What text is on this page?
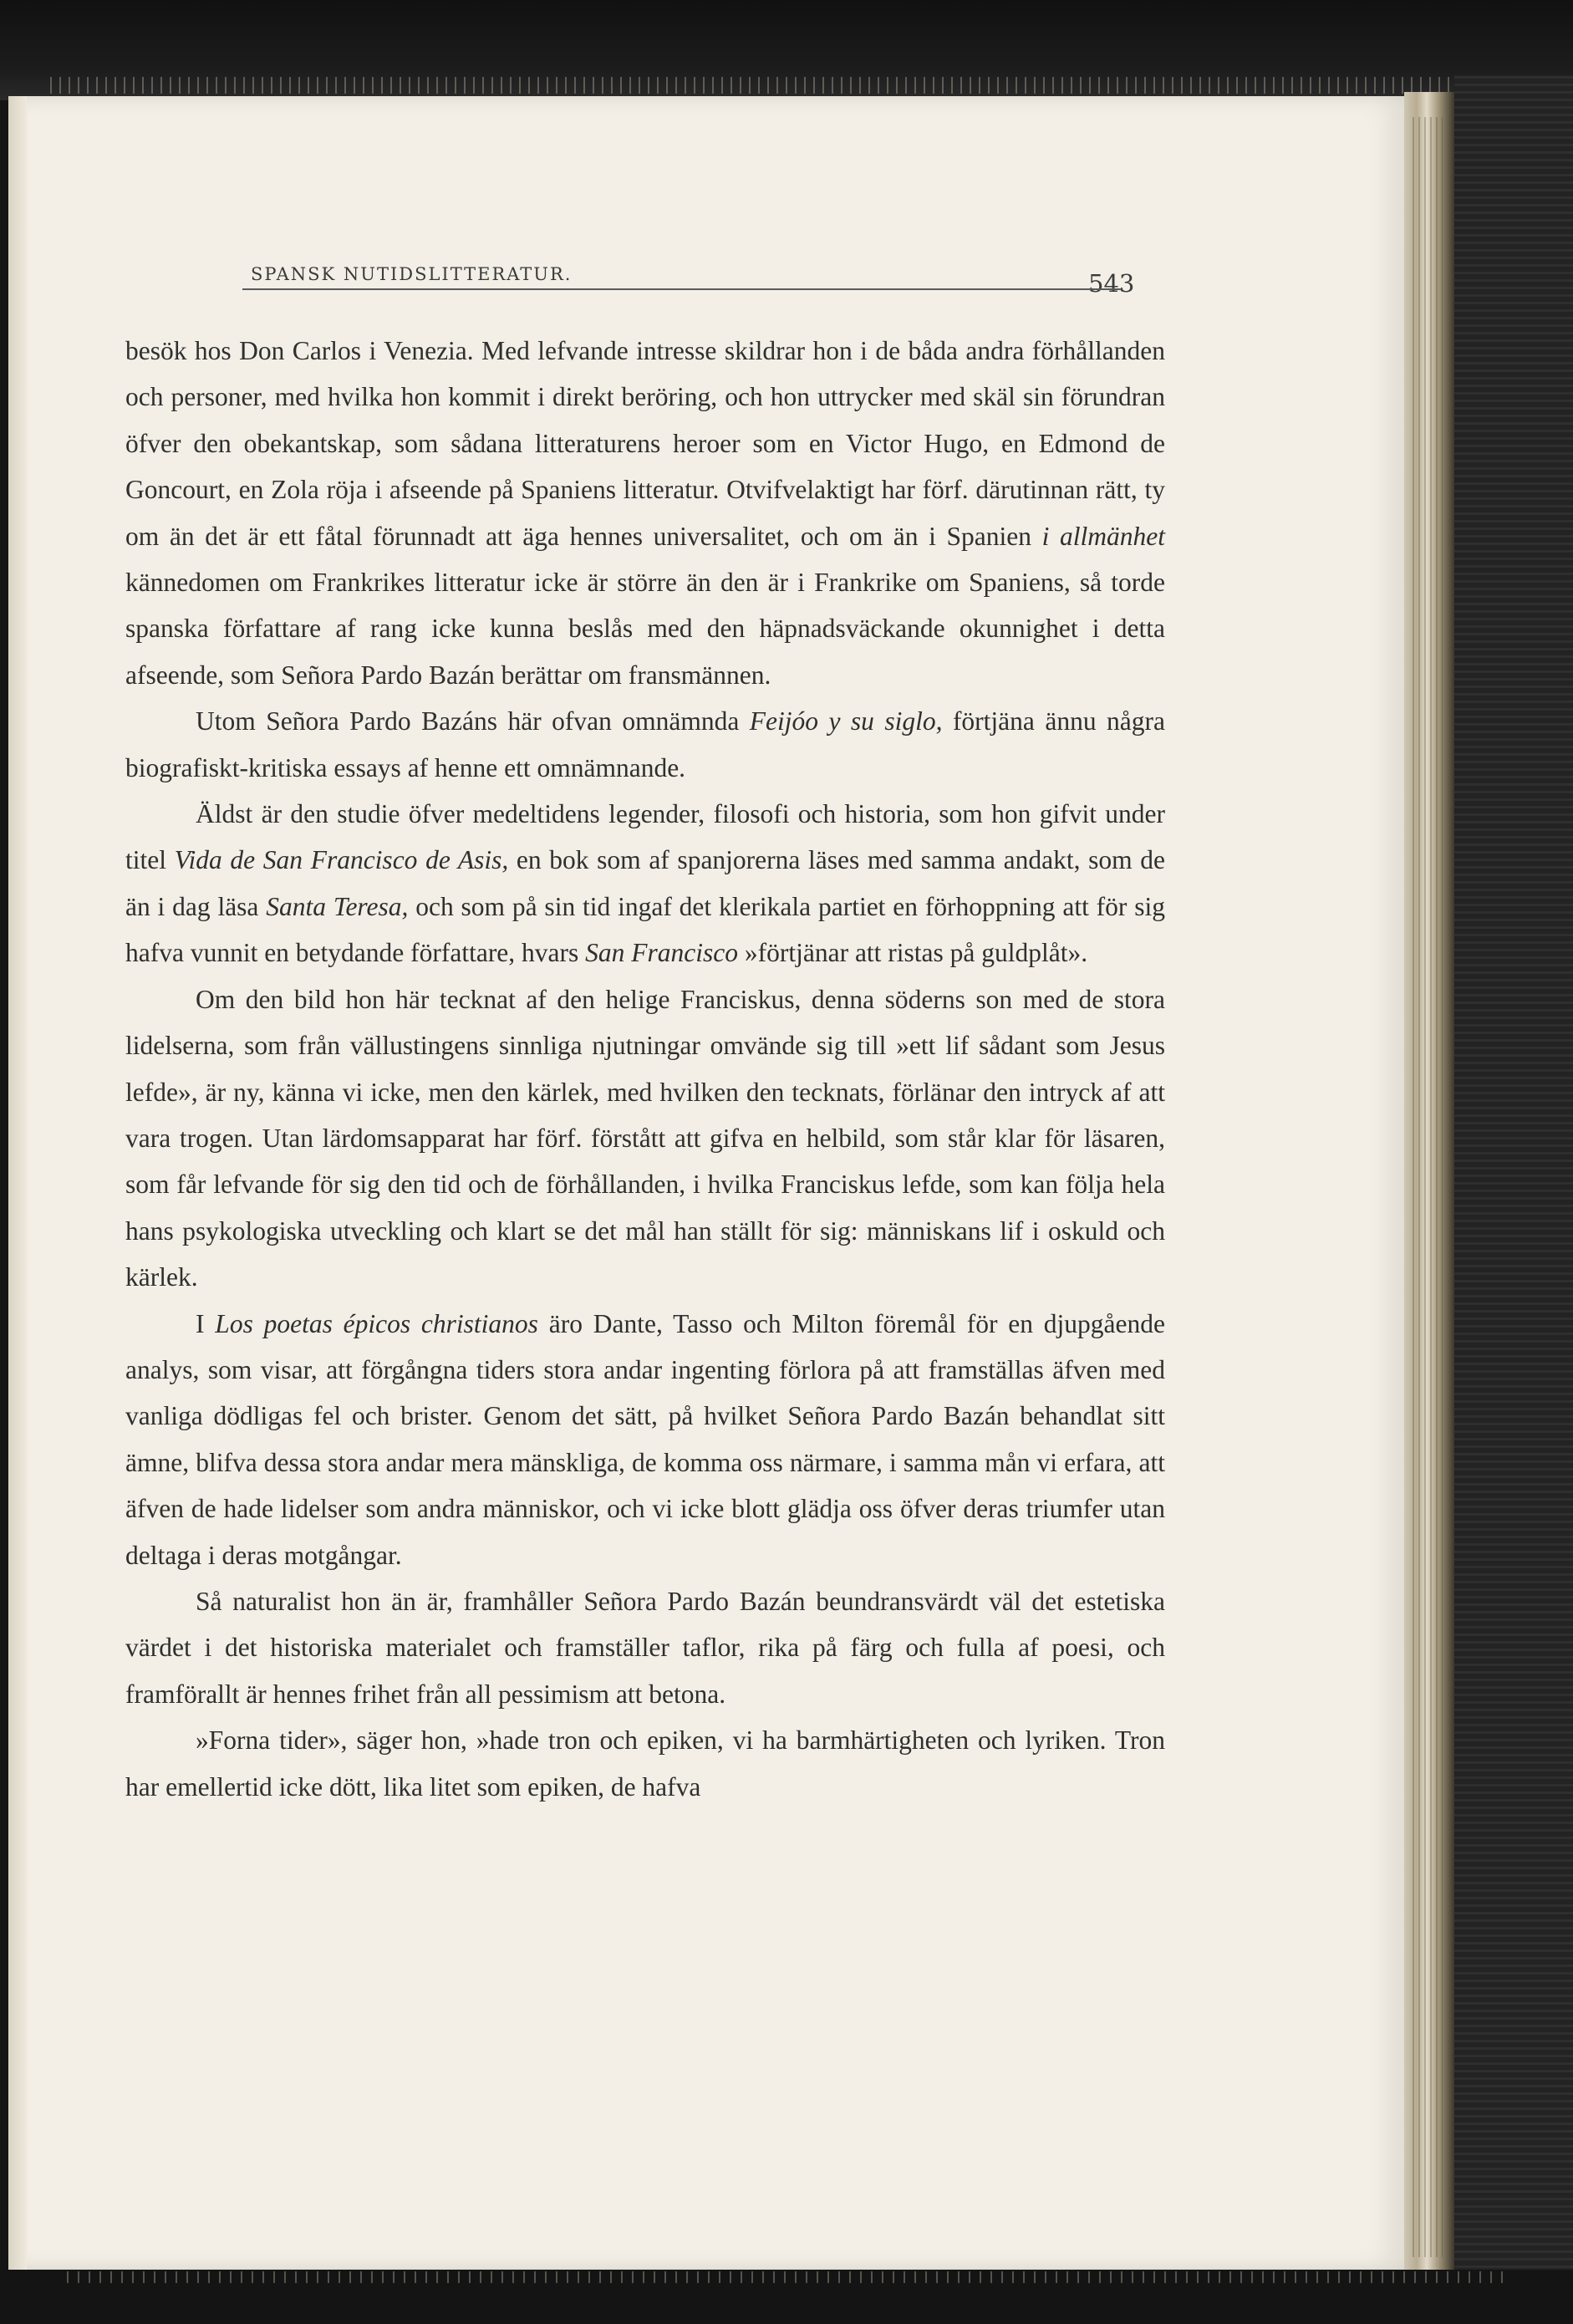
SPANSK NUTIDSLITTERATUR.	543

besök hos Don Carlos i Venezia. Med lefvande intresse skildrar hon i de båda andra förhållanden och personer, med hvilka hon kommit i direkt beröring, och hon uttrycker med skäl sin förundran öfver den obekantskap, som sådana litteraturens heroer som en Victor Hugo, en Edmond de Goncourt, en Zola röja i afseende på Spaniens litteratur. Otvifvelaktigt har förf. därutinnan rätt, ty om än det är ett fåtal förunnadt att äga hennes universalitet, och om än i Spanien i allmänhet kännedomen om Frankrikes litteratur icke är större än den är i Frankrike om Spaniens, så torde spanska författare af rang icke kunna beslås med den häpnadsväckande okunnighet i detta afseende, som Señora Pardo Bazán berättar om fransmännen.

Utom Señora Pardo Bazáns här ofvan omnämnda Feijóo y su siglo, förtjäna ännu några biografiskt-kritiska essays af henne ett omnämnande.

Äldst är den studie öfver medeltidens legender, filosofi och historia, som hon gifvit under titel Vida de San Francisco de Asis, en bok som af spanjorerna läses med samma andakt, som de än i dag läsa Santa Teresa, och som på sin tid ingaf det klerikala partiet en förhoppning att för sig hafva vunnit en betydande författare, hvars San Francisco »förtjänar att ristas på guldplåt».

Om den bild hon här tecknat af den helige Franciskus, denna söderns son med de stora lidelserna, som från vällustingens sinnliga njutningar omvände sig till »ett lif sådant som Jesus lefde», är ny, känna vi icke, men den kärlek, med hvilken den tecknats, förlänar den intryck af att vara trogen. Utan lärdomsapparat har förf. förstått att gifva en helbild, som står klar för läsaren, som får lefvande för sig den tid och de förhållanden, i hvilka Franciskus lefde, som kan följa hela hans psykologiska utveckling och klart se det mål han ställt för sig: människans lif i oskuld och kärlek.

I Los poetas épicos christianos äro Dante, Tasso och Milton föremål för en djupgående analys, som visar, att förgångna tiders stora andar ingenting förlora på att framställas äfven med vanliga dödligas fel och brister. Genom det sätt, på hvilket Señora Pardo Bazán behandlat sitt ämne, blifva dessa stora andar mera mänskliga, de komma oss närmare, i samma mån vi erfara, att äfven de hade lidelser som andra människor, och vi icke blott glädja oss öfver deras triumfer utan deltaga i deras motgångar.

Så naturalist hon än är, framhåller Señora Pardo Bazán beundransvärdt väl det estetiska värdet i det historiska materialet och framställer taflor, rika på färg och fulla af poesi, och framförallt är hennes frihet från all pessimism att betona.

»Forna tider», säger hon, »hade tron och epiken, vi ha barmhärtigheten och lyriken. Tron har emellertid icke dött, lika litet som epiken, de hafva
